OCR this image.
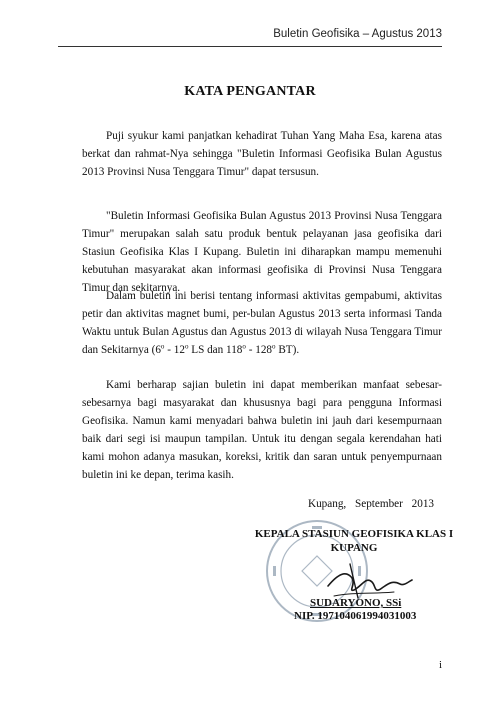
Buletin Geofisika – Agustus 2013
KATA PENGANTAR
Puji syukur kami panjatkan kehadirat Tuhan Yang Maha Esa, karena atas berkat dan rahmat-Nya sehingga "Buletin Informasi Geofisika Bulan Agustus 2013 Provinsi Nusa Tenggara Timur" dapat tersusun.
"Buletin Informasi Geofisika Bulan Agustus 2013 Provinsi Nusa Tenggara Timur" merupakan salah satu produk bentuk pelayanan jasa geofisika dari Stasiun Geofisika Klas I Kupang. Buletin ini diharapkan mampu memenuhi kebutuhan masyarakat akan informasi geofisika di Provinsi Nusa Tenggara Timur dan sekitarnya.
Dalam buletin ini berisi tentang informasi aktivitas gempabumi, aktivitas petir dan aktivitas magnet bumi, per-bulan Agustus 2013 serta informasi Tanda Waktu untuk Bulan Agustus dan Agustus 2013 di wilayah Nusa Tenggara Timur dan Sekitarnya (6$^o$ - 12$^o$ LS dan 118$^o$ - 128$^o$ BT).
Kami berharap sajian buletin ini dapat memberikan manfaat sebesar-sebesarnya bagi masyarakat dan khususnya bagi para pengguna Informasi Geofisika. Namun kami menyadari bahwa buletin ini jauh dari kesempurnaan baik dari segi isi maupun tampilan. Untuk itu dengan segala kerendahan hati kami mohon adanya masukan, koreksi, kritik dan saran untuk penyempurnaan buletin ini ke depan, terima kasih.
Kupang, September 2013
KEPALA STASIUN GEOFISIKA KLAS I
KUPANG
SUDARYONO, SSi
NIP. 197104061994031003
i
